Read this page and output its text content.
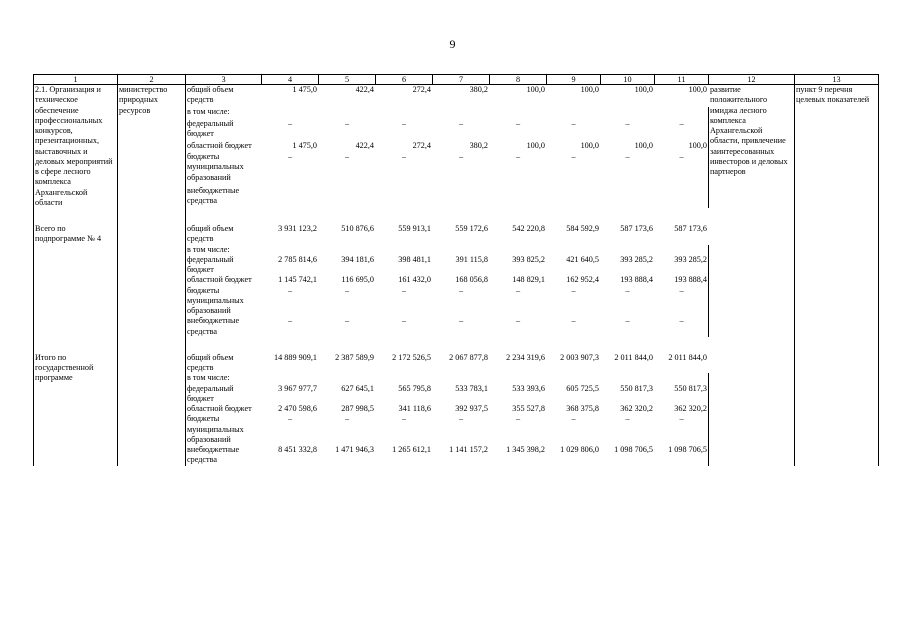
9
1	2	3	4	5	6	7	8	9	10	11	12	13
2.1. Организация и техническое обеспечение профессиональных конкурсов, презентационных, выставочных и деловых мероприятий в сфере лесного комплекса Архангельской области	министерство природных ресурсов	общий объем средств	1 475,0	422,4	272,4	380,2	100,0	100,0	100,0	100,0	развитие положительного имиджа лесного комплекса Архангельской области, привлечение заинтересованных инвесторов и деловых партнеров	пункт 9 перечня целевых показателей
		в том числе:										
		федеральный бюджет	–	–	–	–	–	–	–	–		
		областной бюджет	1 475,0	422,4	272,4	380,2	100,0	100,0	100,0	100,0		
		бюджеты муниципальных образований	–	–	–	–	–	–	–	–		
		внебюджетные средства										

Всего по подпрограмме № 4		общий объем средств	3 931 123,2	510 876,6	559 913,1	559 172,6	542 220,8	584 592,9	587 173,6	587 173,6		
		в том числе:										
		федеральный бюджет	2 785 814,6	394 181,6	398 481,1	391 115,8	393 825,2	421 640,5	393 285,2	393 285,2		
		областной бюджет	1 145 742,1	116 695,0	161 432,0	168 056,8	148 829,1	162 952,4	193 888,4	193 888,4		
		бюджеты муниципальных образований	–	–	–	–	–	–	–	–		
		внебюджетные средства	–	–	–	–	–	–	–	–		

Итого по государственной программе		общий объем средств	14 889 909,1	2 387 589,9	2 172 526,5	2 067 877,8	2 234 319,6	2 003 907,3	2 011 844,0	2 011 844,0		
		в том числе:										
		федеральный бюджет	3 967 977,7	627 645,1	565 795,8	533 783,1	533 393,6	605 725,5	550 817,3	550 817,3		
		областной бюджет	2 470 598,6	287 998,5	341 118,6	392 937,5	355 527,8	368 375,8	362 320,2	362 320,2		
		бюджеты муниципальных образований	–	–	–	–	–	–	–	–		
		внебюджетные средства	8 451 332,8	1 471 946,3	1 265 612,1	1 141 157,2	1 345 398,2	1 029 806,0	1 098 706,5	1 098 706,5		
